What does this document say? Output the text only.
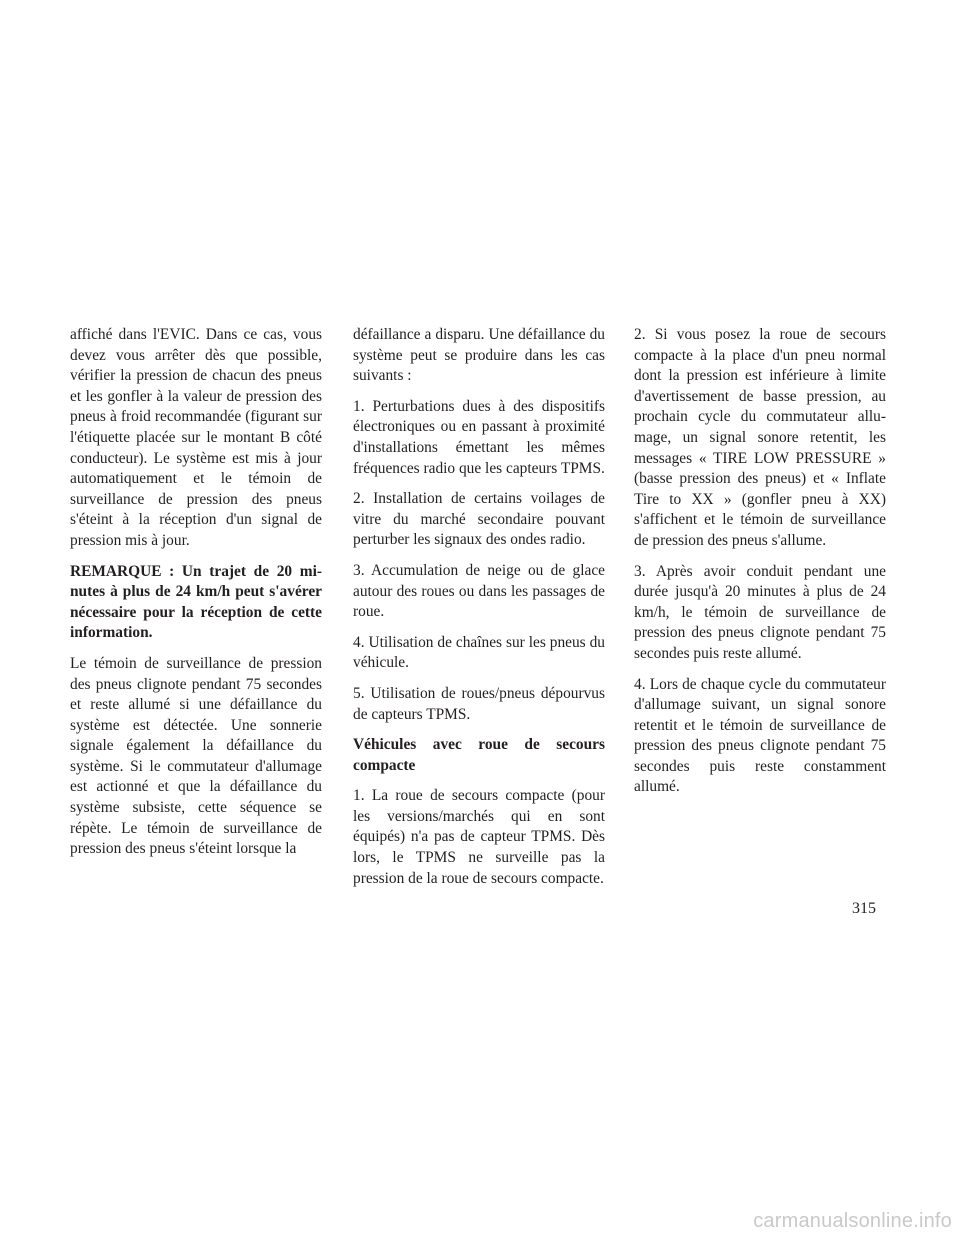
affiché dans l'EVIC. Dans ce cas, vous devez vous arrêter dès que possible, vérifier la pression de chacun des pneus et les gonfler à la valeur de pression des pneus à froid recommandée (figurant sur l'étiquette placée sur le montant B côté conducteur). Le système est mis à jour automatiquement et le témoin de surveillance de pression des pneus s'éteint à la réception d'un signal de pression mis à jour.

REMARQUE : Un trajet de 20 minutes à plus de 24 km/h peut s'avérer nécessaire pour la réception de cette information.

Le témoin de surveillance de pression des pneus clignote pendant 75 secondes et reste allumé si une défaillance du système est détectée. Une sonnerie signale également la défaillance du système. Si le commutateur d'allumage est actionné et que la défaillance du système subsiste, cette séquence se répète. Le témoin de surveillance de pression des pneus s'éteint lorsque la

défaillance a disparu. Une défaillance du système peut se produire dans les cas suivants :

1. Perturbations dues à des dispositifs électroniques ou en passant à proximité d'installations émettant les mêmes fréquences radio que les capteurs TPMS.

2. Installation de certains voilages de vitre du marché secondaire pouvant perturber les signaux des ondes radio.

3. Accumulation de neige ou de glace autour des roues ou dans les passages de roue.

4. Utilisation de chaînes sur les pneus du véhicule.

5. Utilisation de roues/pneus dépourvus de capteurs TPMS.

Véhicules avec roue de secours compacte

1. La roue de secours compacte (pour les versions/marchés qui en sont équipés) n'a pas de capteur TPMS. Dès lors, le TPMS ne surveille pas la pression de la roue de secours compacte.

2. Si vous posez la roue de secours compacte à la place d'un pneu normal dont la pression est inférieure à limite d'avertissement de basse pression, au prochain cycle du commutateur allumage, un signal sonore retentit, les messages « TIRE LOW PRESSURE » (basse pression des pneus) et « Inflate Tire to XX » (gonfler pneu à XX) s'affichent et le témoin de surveillance de pression des pneus s'allume.

3. Après avoir conduit pendant une durée jusqu'à 20 minutes à plus de 24 km/h, le témoin de surveillance de pression des pneus clignote pendant 75 secondes puis reste allumé.

4. Lors de chaque cycle du commutateur d'allumage suivant, un signal sonore retentit et le témoin de surveillance de pression des pneus clignote pendant 75 secondes puis reste constamment allumé.

315
carmanualsonline.info
